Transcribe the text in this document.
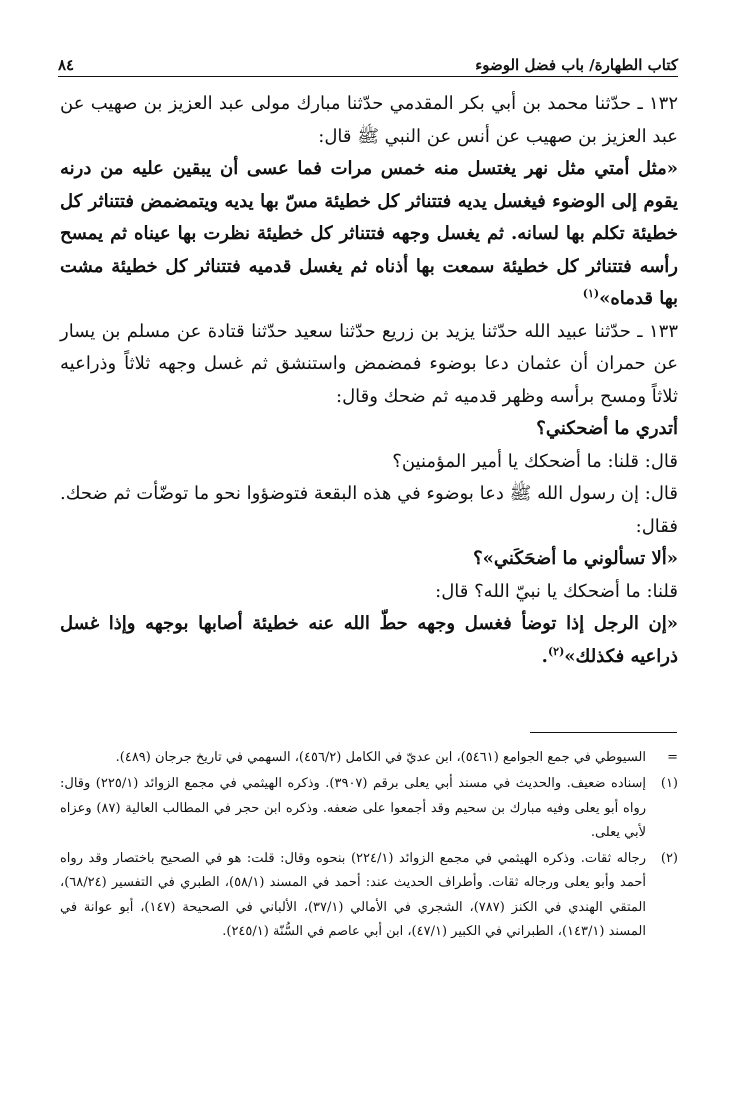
كتاب الطهارة/ باب فضل الوضوء
٨٤

١٣٢ ـ حدّثنا محمد بن أبي بكر المقدمي حدّثنا مبارك مولى عبد العزيز بن صهيب عن عبد العزيز بن صهيب عن أنس عن النبي ﷺ قال:

«مثل أمتي مثل نهر يغتسل منه خمس مرات فما عسى أن يبقين عليه من درنه يقوم إلى الوضوء فيغسل يديه فتتناثر كل خطيئة مسّ بها يديه ويتمضمض فتتناثر كل خطيئة تكلم بها لسانه. ثم يغسل وجهه فتتناثر كل خطيئة نظرت بها عيناه ثم يمسح رأسه فتتناثر كل خطيئة سمعت بها أذناه ثم يغسل قدميه فتتناثر كل خطيئة مشت بها قدماه»$^{(١)}$

١٣٣ ـ حدّثنا عبيد الله حدّثنا يزيد بن زريع حدّثنا سعيد حدّثنا قتادة عن مسلم بن يسار عن حمران أن عثمان دعا بوضوء فمضمض واستنشق ثم غسل وجهه ثلاثاً وذراعيه ثلاثاً ومسح برأسه وظهر قدميه ثم ضحك وقال:

أتدري ما أضحكني؟

قال: قلنا: ما أضحكك يا أمير المؤمنين؟

قال: إن رسول الله ﷺ دعا بوضوء في هذه البقعة فتوضؤوا نحو ما توضّأت ثم ضحك. فقال:

«ألا تسألوني ما أضحَكَني»؟

قلنا: ما أضحكك يا نبيّ الله؟ قال:

«إن الرجل إذا توضأ فغسل وجهه حطّ الله عنه خطيئة أصابها بوجهه وإذا غسل ذراعيه فكذلك»$^{(٢)}$.

=
السيوطي في جمع الجوامع (٥٤٦١)، ابن عديّ في الكامل (٤٥٦/٢)، السهمي في تاريخ جرجان (٤٨٩).
(١)
إسناده ضعيف. والحديث في مسند أبي يعلى برقم (٣٩٠٧). وذكره الهيثمي في مجمع الزوائد (٢٢٥/١) وقال: رواه أبو يعلى وفيه مبارك بن سحيم وقد أجمعوا على ضعفه. وذكره ابن حجر في المطالب العالية (٨٧) وعزاه لأبي يعلى.
(٢)
رجاله ثقات. وذكره الهيثمي في مجمع الزوائد (٢٢٤/١) بنحوه وقال: قلت: هو في الصحيح باختصار وقد رواه أحمد وأبو يعلى ورجاله ثقات. وأطراف الحديث عند: أحمد في المسند (٥٨/١)، الطبري في التفسير (٦٨/٢٤)، المتقي الهندي في الكنز (٧٨٧)، الشجري في الأمالي (٣٧/١)، الألباني في الصحيحة (١٤٧)، أبو عوانة في المسند (١٤٣/١)، الطبراني في الكبير (٤٧/١)، ابن أبي عاصم في السُّنّة (٢٤٥/١).
